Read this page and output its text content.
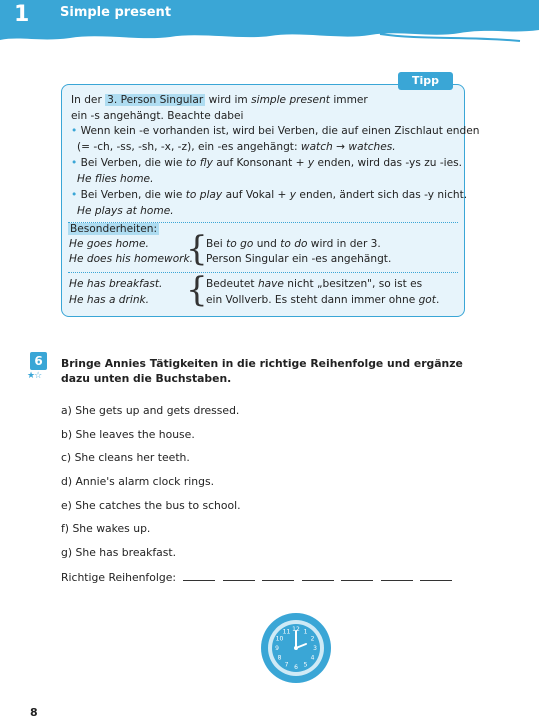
1 Simple present
Tipp
In der 3. Person Singular wird im simple present immer
ein -s angehängt. Beachte dabei
• Wenn kein -e vorhanden ist, wird bei Verben, die auf einen Zischlaut enden
(= -ch, -ss, -sh, -x, -z), ein -es angehängt: watch → watches.
• Bei Verben, die wie to fly auf Konsonant + y enden, wird das -ys zu -ies.
He flies home.
• Bei Verben, die wie to play auf Vokal + y enden, ändert sich das -y nicht.
He plays at home.
Besonderheiten:
He goes home.
He does his homework.
{
Bei to go und to do wird in der 3.
Person Singular ein -es angehängt.
He has breakfast.
He has a drink. {
Bedeutet have nicht „besitzen", so ist es
ein Vollverb. Es steht dann immer ohne got.
6
★☆
Bringe Annies Tätigkeiten in die richtige Reihenfolge und ergänze dazu unten die Buchstaben.
a) She gets up and gets dressed.
b) She leaves the house.
c) She cleans her teeth.
d) Annie's alarm clock rings.
e) She catches the bus to school.
f) She wakes up.
g) She has breakfast.
Richtige Reihenfolge:
12 1
2
3
4
5
6
7
8
9
10
11
8
